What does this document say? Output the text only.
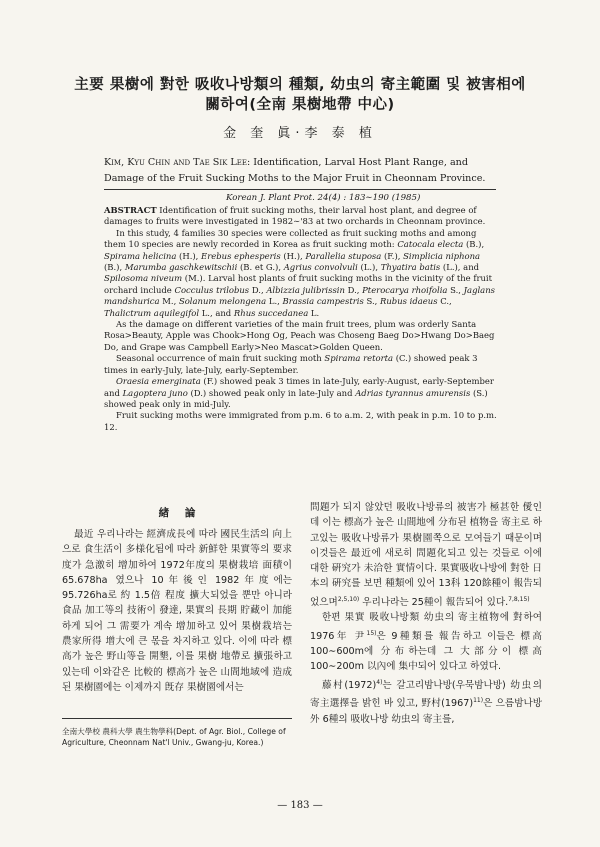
主要 果樹에 對한 吸收나방類의 種類, 幼虫의 寄主範圍 및 被害相에
關하여(全南 果樹地帶 中心)
金 奎 眞·李 泰 植
Kim, Kyu Chin and Tae Sik Lee: Identification, Larval Host Plant Range, and Damage of the Fruit Sucking Moths to the Major Fruit in Cheonnam Province.
Korean J. Plant Prot. 24(4) : 183∼190 (1985)

ABSTRACT Identification of fruit sucking moths, their larval host plant, and degree of damages to fruits were investigated in 1982∼'83 at two orchards in Cheonnam province.

In this study, 4 families 30 species were collected as fruit sucking moths and among them 10 species are newly recorded in Korea as fruit sucking moth: Catocala electa (B.), Spirama helicina (H.), Erebus ephesperis (H.), Parallelia stuposa (F.), Simplicia niphona (B.), Marumba gaschkewitschii (B. et G.), Agrius convolvuli (L.), Thyatira batis (L.), and Spilosoma niveum (M.). Larval host plants of fruit sucking moths in the vicinity of the fruit orchard include Cocculus trilobus D., Albizzia julibrissin D., Pterocarya rhoifolia S., Jaglans mandshurica M., Solanum melongena L., Brassia campestris S., Rubus idaeus C., Thalictrum aquilegifol L., and Rhus succedanea L.

As the damage on different varieties of the main fruit trees, plum was orderly Santa Rosa>Beauty, Apple was Chook>Hong Og, Peach was Choseng Baeg Do>Hwang Do>Baeg Do, and Grape was Campbell Early>Neo Mascat>Golden Queen.

Seasonal occurrence of main fruit sucking moth Spirama retorta (C.) showed peak 3 times in early-July, late-July, early-September.

Oraesia emerginata (F.) showed peak 3 times in late-July, early-August, early-September and Lagoptera juno (D.) showed peak only in late-July and Adrias tyrannus amurensis (S.) showed peak only in mid-July.

Fruit sucking moths were immigrated from p.m. 6 to a.m. 2, with peak in p.m. 10 to p.m. 12.

緖 論

最近 우리나라는 經濟成長에 따라 國民生活의 向上으로 食生活이 多様化됨에 따라 新鮮한 果實等의 要求度가 急激히 增加하여 1972年度의 果樹栽培 面積이 65.678ha 였으나 10年後인 1982年度에는 95.726ha로 約 1.5倍 程度 擴大되었을 뿐만 아니라 食品 加工等의 技術이 發達, 果實의 長期 貯藏이 加能하게 되어 그 需要가 계속 增加하고 있어 果樹栽培는 農家所得 增大에 큰 몫을 차지하고 있다. 이에 따라 標高가 높은 野山等을 開墾, 이를 果樹 地帶로 擴張하고 있는데 이와같은 比較的 標高가 높은 山間地域에 造成된 果樹園에는 이제까지 旣存 果樹園에서는

全南大學校 農科大學 農生物學科(Dept. of Agr. Biol., College of Agriculture, Cheonnam Nat'l Univ., Gwang-ju, Korea.)

問題가 되지 않았던 吸收나방류의 被害가 極甚한 僾인데 이는 標高가 높은 山間地에 分布된 植物을 寄主로 하고있는 吸收나방류가 果樹園쪽으로 모여들기 때문이며 이것들은 最近에 새로히 問題化되고 있는 것들로 이에 대한 硏究가 未洽한 實情이다. 果實吸收나방에 對한 日本의 硏究를 보면 種類에 있어 13科 120餘種이 報告되었으며$^{2,5,10)}$ 우리나라는 25種이 報告되어 있다.$^{7,8,15)}$

한편 果實 吸收나방類 幼虫의 寄主植物에 對하여 1976年 尹$^{15)}$은 9種類를 報告하고 이들은 標高 100∼600m에 分布하는데 그 大部分이 標高 100∼200m 以內에 集中되어 있다고 하였다.

藤村$(1972)^{4)}$는 갈고리밤나방(우묵밤나방) 幼虫의 寄主選擇을 밝힌 바 있고, 野村$(1967)^{11)}$은 으름밤나방外 6種의 吸收나방 幼虫의 寄主를,

— 183 —
